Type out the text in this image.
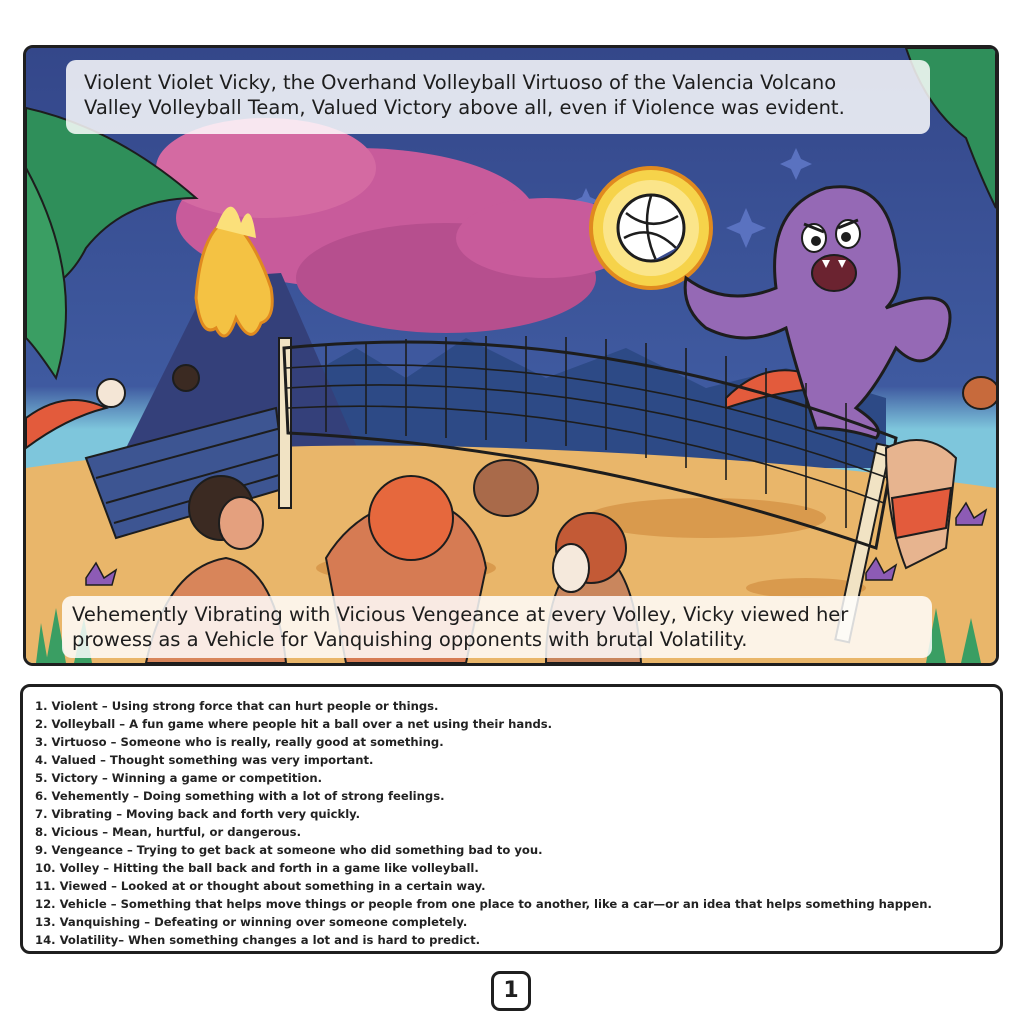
Violent Violet Vicky, the Overhand Volleyball Virtuoso of the Valencia Volcano
Valley Volleyball Team, Valued Victory above all, even if Violence was evident.
Vehemently Vibrating with Vicious Vengeance at every Volley, Vicky viewed her
prowess as a Vehicle for Vanquishing opponents with brutal Volatility.
1. Violent – Using strong force that can hurt people or things.
2. Volleyball – A fun game where people hit a ball over a net using their hands.
3. Virtuoso – Someone who is really, really good at something.
4. Valued – Thought something was very important.
5. Victory – Winning a game or competition.
6. Vehemently – Doing something with a lot of strong feelings.
7. Vibrating – Moving back and forth very quickly.
8. Vicious – Mean, hurtful, or dangerous.
9. Vengeance – Trying to get back at someone who did something bad to you.
10. Volley – Hitting the ball back and forth in a game like volleyball.
11. Viewed – Looked at or thought about something in a certain way.
12. Vehicle – Something that helps move things or people from one place to another, like a car—or an idea that helps something happen.
13. Vanquishing – Defeating or winning over someone completely.
14. Volatility– When something changes a lot and is hard to predict.
1
